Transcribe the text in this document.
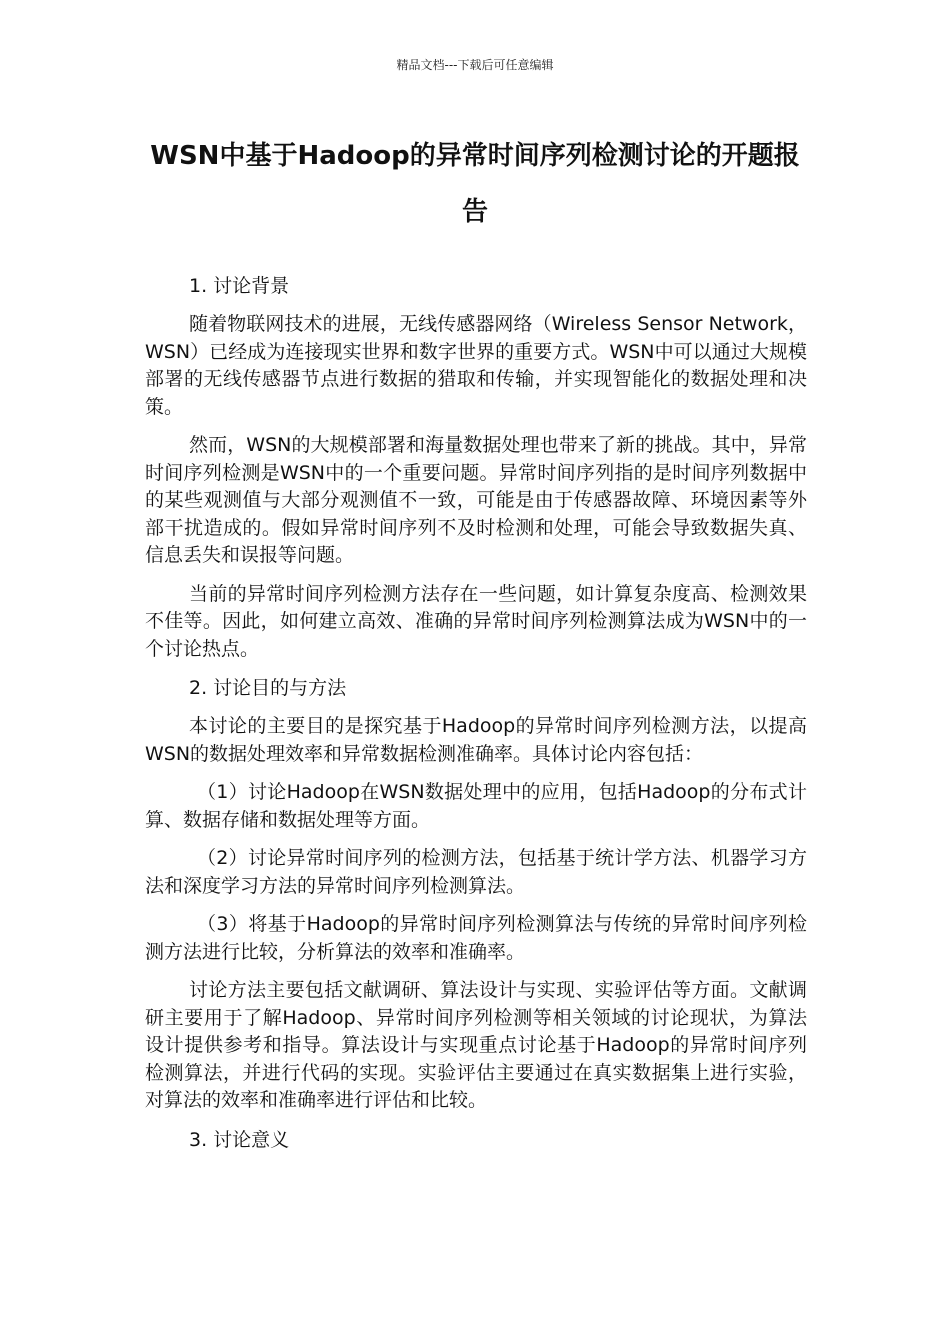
精品文档---下载后可任意编辑
WSN中基于Hadoop的异常时间序列检测讨论的开题报告
1. 讨论背景

随着物联网技术的进展，无线传感器网络（Wireless Sensor Network，WSN）已经成为连接现实世界和数字世界的重要方式。WSN中可以通过大规模部署的无线传感器节点进行数据的猎取和传输，并实现智能化的数据处理和决策。

然而，WSN的大规模部署和海量数据处理也带来了新的挑战。其中，异常时间序列检测是WSN中的一个重要问题。异常时间序列指的是时间序列数据中的某些观测值与大部分观测值不一致，可能是由于传感器故障、环境因素等外部干扰造成的。假如异常时间序列不及时检测和处理，可能会导致数据失真、信息丢失和误报等问题。

当前的异常时间序列检测方法存在一些问题，如计算复杂度高、检测效果不佳等。因此，如何建立高效、准确的异常时间序列检测算法成为WSN中的一个讨论热点。

2. 讨论目的与方法

本讨论的主要目的是探究基于Hadoop的异常时间序列检测方法，以提高WSN的数据处理效率和异常数据检测准确率。具体讨论内容包括：

（1）讨论Hadoop在WSN数据处理中的应用，包括Hadoop的分布式计算、数据存储和数据处理等方面。

（2）讨论异常时间序列的检测方法，包括基于统计学方法、机器学习方法和深度学习方法的异常时间序列检测算法。

（3）将基于Hadoop的异常时间序列检测算法与传统的异常时间序列检测方法进行比较，分析算法的效率和准确率。

讨论方法主要包括文献调研、算法设计与实现、实验评估等方面。文献调研主要用于了解Hadoop、异常时间序列检测等相关领域的讨论现状，为算法设计提供参考和指导。算法设计与实现重点讨论基于Hadoop的异常时间序列检测算法，并进行代码的实现。实验评估主要通过在真实数据集上进行实验，对算法的效率和准确率进行评估和比较。

3. 讨论意义
